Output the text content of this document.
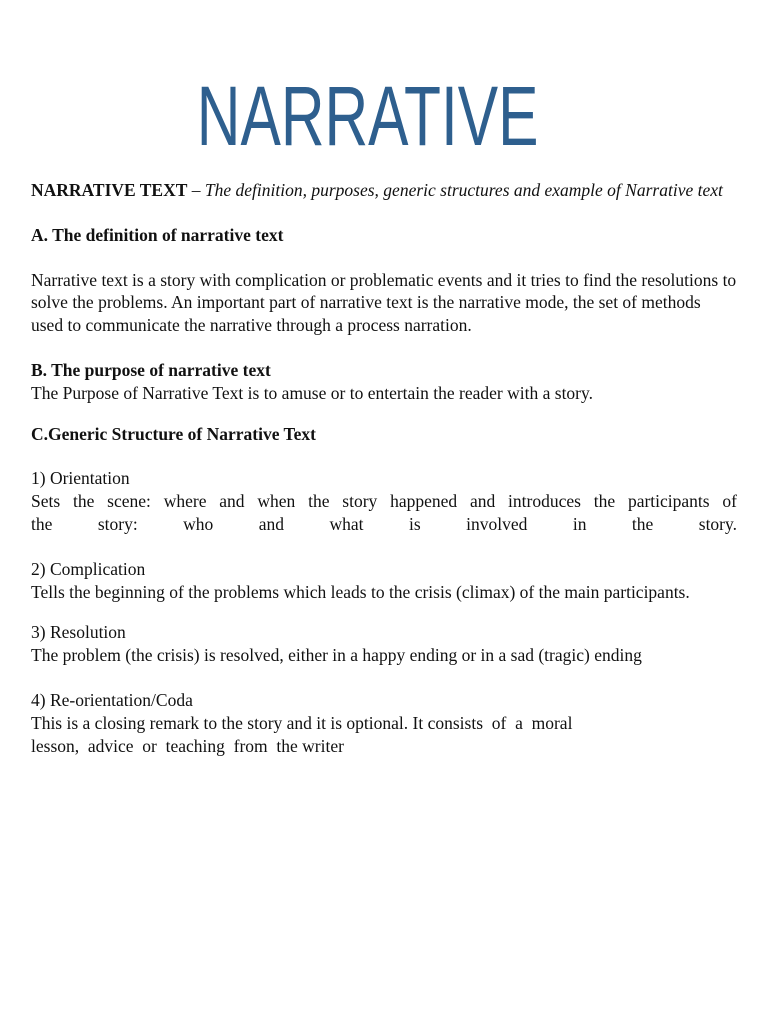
NARRATIVE

NARRATIVE TEXT – The definition, purposes, generic structures and example of Narrative text

A. The definition of narrative text

Narrative text is a story with complication or problematic events and it tries to find the resolutions to solve the problems. An important part of narrative text is the narrative mode, the set of methods used to communicate the narrative through a process narration.

B. The purpose of narrative text

The Purpose of Narrative Text is to amuse or to entertain the reader with a story.

C.Generic Structure of Narrative Text

1) Orientation

Sets the scene: where and when the story happened and introduces the participants of

the story: who and what is involved in the story.

2) Complication

Tells the beginning of the problems which leads to the crisis (climax) of the main participants.

3) Resolution

The problem (the crisis) is resolved, either in a happy ending or in a sad (tragic) ending

4) Re-orientation/Coda

This is a closing remark to the story and it is optional. It consists  of  a  moral

lesson,  advice  or  teaching  from  the writer
